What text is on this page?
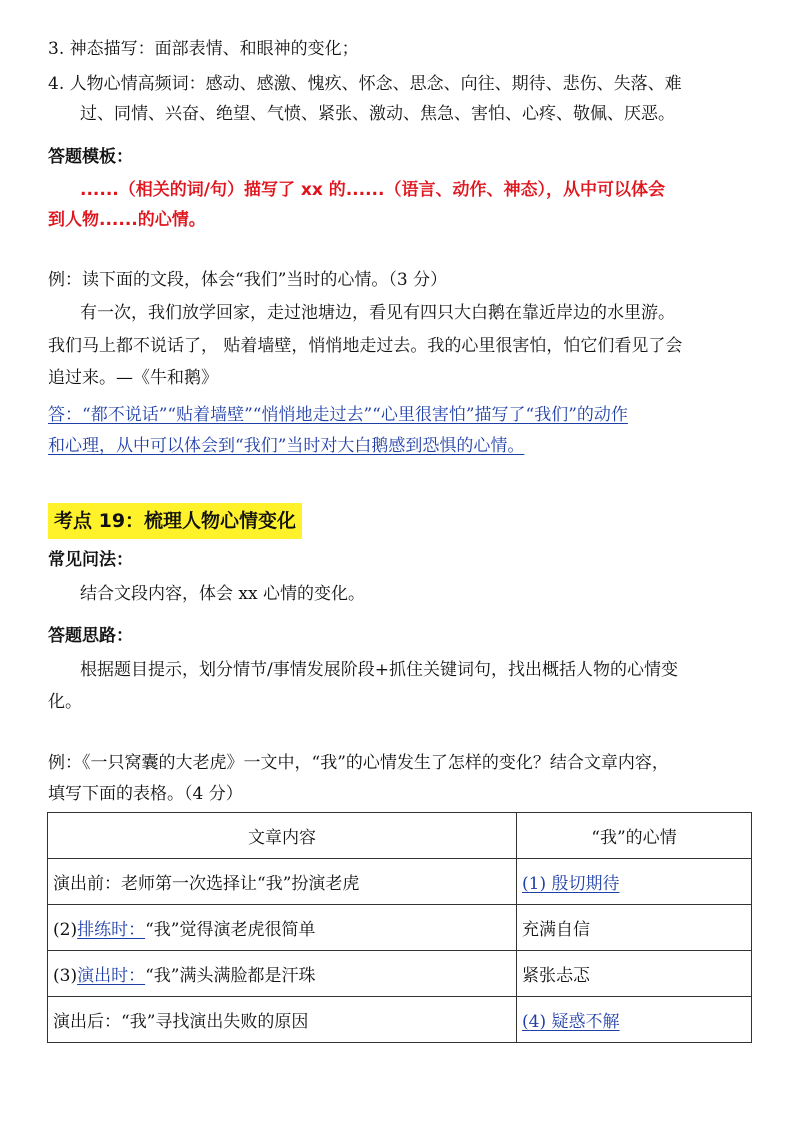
3. 神态描写：面部表情、和眼神的变化；
4. 人物心情高频词：感动、感激、愧疚、怀念、思念、向往、期待、悲伤、失落、难
过、同情、兴奋、绝望、气愤、紧张、激动、焦急、害怕、心疼、敬佩、厌恶。
答题模板：
......（相关的词/句）描写了 xx 的......（语言、动作、神态），从中可以体会
到人物......的心情。
例：读下面的文段，体会“我们”当时的心情。（3 分）
有一次，我们放学回家，走过池塘边，看见有四只大白鹅在靠近岸边的水里游。
我们马上都不说话了， 贴着墙壁，悄悄地走过去。我的心里很害怕，怕它们看见了会
追过来。—《牛和鹅》
答：“都不说话”“贴着墙壁”“悄悄地走过去”“心里很害怕”描写了“我们”的动作
和心理，从中可以体会到“我们”当时对大白鹅感到恐惧的心情。
考点 19：梳理人物心情变化
常见问法：
结合文段内容，体会 xx 心情的变化。
答题思路：
根据题目提示，划分情节/事情发展阶段+抓住关键词句，找出概括人物的心情变
化。
例：《一只窝囊的大老虎》一文中，“我”的心情发生了怎样的变化？结合文章内容，
填写下面的表格。（4 分）
文章内容	“我”的心情
演出前：老师第一次选择让“我”扮演老虎	(1) 殷切期待
(2)排练时：“我”觉得演老虎很简单	充满自信
(3)演出时：“我”满头满脸都是汗珠	紧张忐忑
演出后：“我”寻找演出失败的原因	(4) 疑惑不解
